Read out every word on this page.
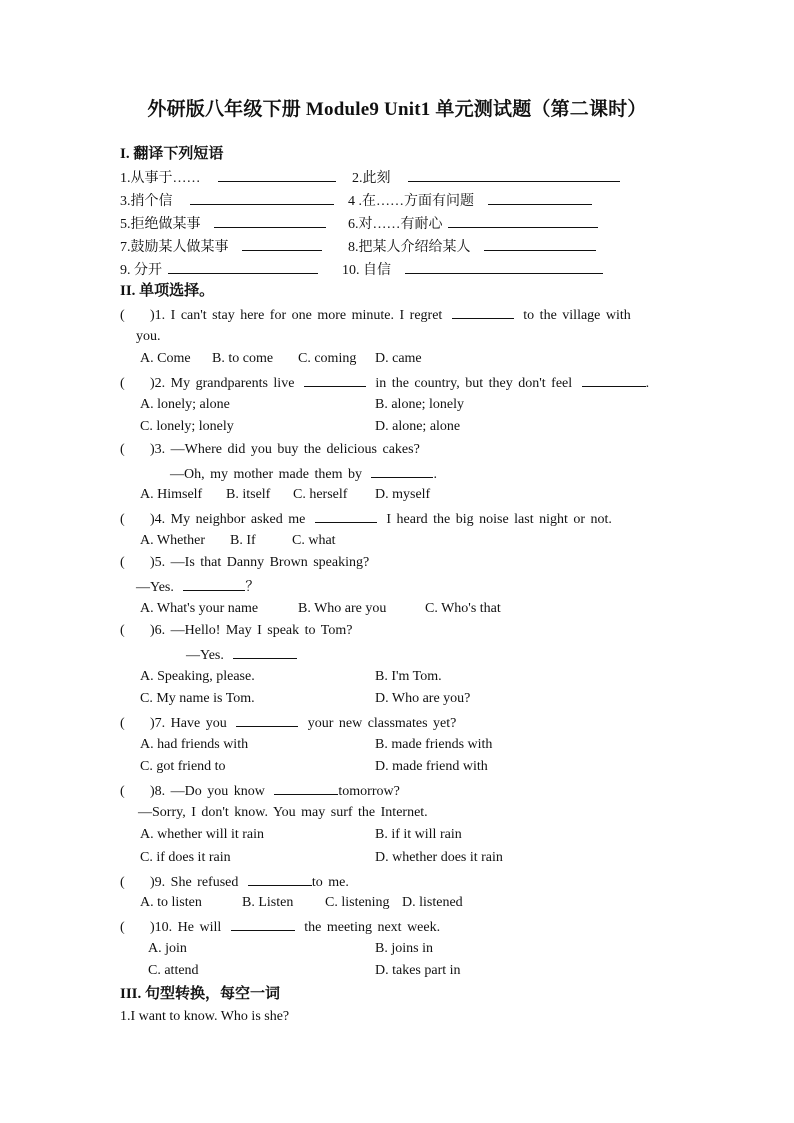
外研版八年级下册 Module9 Unit1 单元测试题（第二课时）
I. 翻译下列短语
1.从事于……	2.此刻
3.捎个信	4 .在……方面有问题
5.拒绝做某事	6.对……有耐心
7.鼓励某人做某事	8.把某人介绍给某人
9. 分开	10. 自信
II. 单项选择。
( )1. I can't stay here for one more minute. I regret	to the village with
you.
A. Come B. to come C. coming D. came
( )2. My grandparents live	in the country, but they don't feel	.
A. lonely; alone	B. alone; lonely
C. lonely; lonely	D. alone; alone
( )3. —Where did you buy the delicious cakes?
—Oh, my mother made them by	.
A. Himself B. itself C. herself D. myself
( )4. My neighbor asked me	I heard the big noise last night or not.
A. Whether B. If	C. what
( )5. —Is that Danny Brown speaking?
—Yes.	？
A. What's your name	B. Who are you	C. Who's that
( )6. —Hello! May I speak to Tom?
—Yes.
A. Speaking, please.	B. I'm Tom.
C. My name is Tom.	D. Who are you?
( )7. Have you	your new classmates yet?
A. had friends with	B. made friends with
C. got friend to	D. made friend with
( )8. —Do you know	tomorrow?
—Sorry, I don't know. You may surf the Internet.
A. whether will it rain	B. if it will rain
C. if does it rain	D. whether does it rain
( )9. She refused	to me.
A. to listen	B. Listen C. listening D. listened
( )10. He will	the meeting next week.
A. join	B. joins in
C. attend	D. takes part in
III. 句型转换，每空一词
1.I want to know. Who is she?
